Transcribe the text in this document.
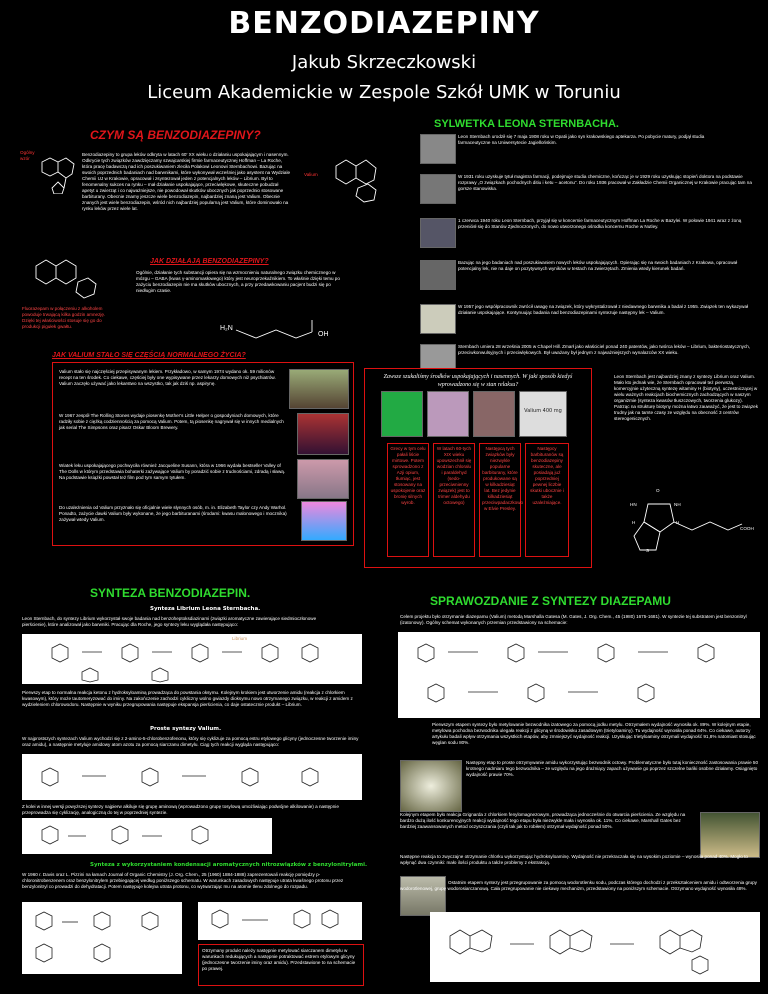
BENZODIAZEPINY
Jakub Skrzeczkowski
Liceum Akademickie w Zespole Szkół UMK w Toruniu
CZYM SĄ BENZODIAZEPINY?
Ogólny wzór
Benzodiazepiny to grupa leków odkryta w latach 60' XX wieku o działaniu uspokajającym i nasennym. Odkrycie tych związków zawdzięczamy szwajcarskiej firmie farmaceutycznej Hoffman – La Roche, która pracę badawczą nad ich poszukiwaniem zleciła Polakowi Leonowi Sternbachowi. Bazując na swoich poprzednich badaniach nad barwnikami, które wykonywał wcześniej jako asystent na Wydziale Chemii UJ w Krakowie, opracował i zsyntezował jeden z potencjalnych leków – Librium. Był to fenomenalny sukces na rynku – mał działanie uspokajające, przeciwlękowe, skuteczne pobudzał apetyt u zwierząt i co najważniejsze, nie powodował skutków ubocznych jak poprzednio stosowane barbiturany. Obecnie znamy jeszcze wiele benzodiazepin, najbardziej znaną jest Valium. Obecnie znanych jest wiele benzodiazepin, wśród nich najbardziej popularną jest Valium, które dominowało na rynku leków przez wiele lat.
Valium
JAK DZIAŁAJĄ BENZODIAZEPINY?
Ogólnie, działanie tych substancji opiera się na wzmocnieniu naturalnego związku chemicznego w mózgu – GABA (kwas γ-aminomasłowego) który jest neuroprzekaźnikiem. To właśnie dzięki temu po zażyciu benzodiazepin nie ma skutków ubocznych, a przy przedawkowaniu pacjent budzi się po niedługim czasie.
Fluorazepam w połączeniu z alkoholem powoduje trwającą kilka godzin amnezję. Dzięki tej właściwości stosuje się go do produkcji pigułek gwałtu.	H₂N
OH
JAK VALIUM STAŁO SIĘ CZĘŚCIĄ NORMALNEGO ŻYCIA?
Valium stało się najczęściej przepisywanym lekiem. Przykładowo, w samym 1974 wydano ok. 59 milionów recept na ten środek. Co ciekawe, częściej były one wypisywane przez lekarzy domowych niż psychiatrów. Valium zaczęło używać jako lekarstwo na wszystko, tak jak dziś np. aspirynę.
W 1967 zespół The Rolling Stones wydaje piosenkę Mother's Little Helper o gospodyniach domowych, które radziły sobie z ciężką codziennością za pomocą Valium. Potem, tą piosenkę nagrywał się w innych medialnych jak serial The Simpsons oraz pisarz Oskar Bloom Brewery.
Wiatek leku uspokajającego pochwyciła również Jacqueline Susann, która w 1966 wydała bestseller Valley of The Dolls w którym przedstawia bohaterki zażywające Valium by poradzić sobie z trudnościami, zdradą i sławą. Na podstawie książki powstał też film pod tym samym tytułem.
Do uzależnienia od Valium przyznało się oficjalnie wiele słynnych osób, m. in. Elizabeth Taylor czy Andy Warhol. Ponadto, zażycie dawki Valium były wykonane, że jego barbituranami (środami: kwasu malonowego i mocznika) zażywał wtedy Valium.
SYLWETKA LEONA STERNBACHA.
Leon Sternbach urodził się 7 maja 1908 roku w Opatii jako syn krakowskiego aptekarza. Po pobycie matury, podjął studia farmaceutyczne na Uniwersytecie Jagiellońskim.
W 1931 roku uzyskuje tytuł magistra farmacji, podejmuje studia chemiczne, kończąc je w 1929 roku uzyskując stopień doktora na podstawie rozprawy „O związkach pochodnych ditiu i ketu – acetonu”. Do roku 1936 pracował w Zakładzie Chemii Organicznej w Krakowie pracując tam na gorsze stanowiska.
1 czerwca 1940 roku Leon Sternbach, przyjął się w koncernie farmaceutycznym Hoffman La Roche w Bazylei. W połowie 1941 wraz z żoną przeniósł się do Stanów Zjednoczonych, do nowo utworzonego ośrodka koncernu Roche w Nutley.
Bazując na jego badaniach nad poszukiwaniem nowych leków uspokajających. Opierając się na swoich badaniach z Krakowa, opracował potencjalny lek, nie na daje on pozytywnych wyników w testach na zwierzętach. Zmienia wtedy kierunek badań.
W 1957 jego współpracownik zwrócił uwagę na związek, który wykrystalizował z niedawnego barwnika a badał z 1955. Związek ten wykazywał działanie uspokajające. Kontynuując badania nad benzodiazepinami syntezuje następny lek – Valium.
Sternbach umiera 28 września 2005 w Chapel Hill. Zmarł jako właściciel ponad 240 patentów, jako twórca leków – Librium, bakteriostatycznych, przeciwkonwulsyjnych i przeciwlękowych. Był uważany był jednym z najważniejszych wynalazców XX wieku.
Zawsze szukaliśmy środków uspokajających i nasennych. W jaki sposób kiedyś wprowadzono się w stan relaksu?
Valium 400 mg
Grecy w tym celu pałali liście mirtowe. Potem sprowadzono z Azji opium, tłumiąc, jest stosowany na uspokojenie oraz bronię silnych wyrob.
W latach 60-tych XIX wieku upowszechnił się wodzian chloralu i paraldehyd (sedo-przeciwnienny związek) jest to trimer aldehydu octowego)
Następcą tych związków były niezwykle popularne barbiturany, które produkowane są w kilkadziesiąt lat. Bez jedynie kilkadziesiąt przeciwpadaczkowo w Elvie Presley.
Następcy barbituranów są benzodiazepiny skuteczne, ale posiadają już poprzedniej pewnej liczbie skutki ubocznie i także uzależniające.
Leon Sternbach jest najbardziej znany z syntezy Librium oraz Valium. Mało kto jednak wie, że Sternbach opracował też pierwszą, komercyjnie użyteczną syntezę witaminy H (biotyny), uczestniczącej w wielu ważnych reakcjach biochemicznych zachodzących w naszym organizmie (synteza kwasów tłuszczowych, tworzenia glukozy). Patrząc na strukturę biotyny można łatwo zauważyć, że jest to związek trudny jak na tamte czasy ze względu na obecność 3 centrów stereogenicznych.
O
HN	NH
H	H
S
COOH
SYNTEZA BENZODIAZEPIN.
Synteza Librium Leona Sternbacha.
Leon Sternbach, do syntezy Librium wykorzystał swoje badania nad benzoheptoksdiazinami (związki aromatyczne zawierające siedmioczłonowe pierścienie), które analizował jako barwniki. Pracując dla Roche, jego syntezy leku wyglądała następująco:
Librium
Pierwszy etap to normalna reakcja ketonu z hydroksyloaminą prowadząca do powstania oksymu. Kolejnym krokiem jest utworzenie amidu (reakcja z chlorkiem kwasowym), który może tautomeryzować do iminy. Na zakończenie zachodzi cykliczny wolno gwiazdy dioksymu nowo otrzymanego związku, w reakcji z amidem z wydzieleniem chlorowodoru. Następnie w wyniku przegrupowania następuje ekspansja pierścienia, co daje ostatecznie produkt – Librium.
Proste syntezy Valium.
W najprostszych syntezach Valium wychodzi się z 2-amino-5-chlorobenzofenonu, który się cyklizuje za pomocą estru etylowego glicyny (jednoczesne tworzenie iminy oraz amidu), a następnie metyluje amidowy atom azotu za pomocą siarczanu dimetylu. Ciąg tych reakcji wygląda następująco:
Z kolei w innej wersji powyższej syntezy najpierw alkiluje się grupę aminową (wprowadzono grupę tosylową umożliwiając podwójne alkilowanie) a następnie przeprowadza się cyklizację, analogiczną do tej w poprzedniej syntezie.
Synteza z wykorzystaniem kondensacji aromatycznych nitrozwiązków z benzylonitrylami.
W 1960 r. Davis oraz L. Pizzini na łamach Journal of Organic Chemistry (J. Org. Chem., 25 (1960) 1884-1888) zaprezentowali reakcję pomiędzy p-chloronitrobenzenem oraz benzylonitrylem przebiegającej według poniższego schematu. W warunkach zasadowych następuje utrata kwaśnego protonu przez benzylonitryl co prowadzi do dehydratacji. Potem następuje kolejna utrata protonu, co wytwarzając mu na atomie tlenu zdolnego do rozpadu.
Otrzymany produkt należy następnie metylować siarczanem dimetylu w warunkach redukujących a następnie potraktować estrem etylowym glicyny (jednoczesne tworzenie iminy oraz amidu). Przedstawione to na schemacie po prawej.
SPRAWOZDANIE Z SYNTEZY DIAZEPAMU
Celem projektu było otrzymanie diazepamu (Valium) metodą Marshalla Gatesa (M. Gates, J. Org. Chem., 45 (1980) 1675-1681). W syntezie tej substratem jest benzonitryl (izatonowy). Ogólny schemat wykonanych przemian przedstawiony na schemacie:
Pierwszym etapem syntezy było metylowanie bezwodnika izatowego za pomocą jodku metylu. Otrzymałem wydajność wynosiła ok. 89%. W kolejnym etapie, metylowa pochodna bezwodnika ulegała reakcji z glicyną w środowisku zasadowym (trietyloaminy). Tu wydajność wynosiła ponad 64%. Co ciekawe, autorzy artykułu badali wpływ otrzymania wszystkich etapów, aby zmniejszyć wydajność reakcji. Uzyskując trietyloaminy otrzymali wydajność 91,8% natomiast stosując węglan sodu 80%.
Następny etap to proste otrzymywanie amidu wykorzystując bezwodnik octowy. Problematyczne było tutaj konieczność zastosowania prawie 50 krotnego nadmiaru tego bezwodnika – ze względu na jego drażniący zapach używanie go poprzez szczelne bańki osobne działamy. Osiągnięto wydajność prawie 70%.
Kolejnym etapem było reakcja Grignarda z chlorkiem fenylomagnezowym, prowadząca jednocześnie do otwarcia pierścienia. Ze względu na bardzo dużą ilość konkurencyjnych reakcji wydajność tego etapu była niezwykle mała i wynosiła ok. 11%. Co ciekawe, Marshall Gates bez bardziej zaawansowanych metod oczyszczania (czyli tak jak to robiłem) otrzymał wydajność ponad 50%.
Następne reakcja to zwyczajne otrzymanie chlorku wykorzystując hydroksyloaminę. Wydajność nie przekraczała się na wysokim poziomie – wynosiła ponad 40%. Mogło to wpłynąć dwa czynniki: mało ilości produktu a także problemy z ekstrakcją.
Ostatnim etapem syntezy jest przegrupowanie za pomocą wodorotlenku sodu, podczas którego dochodzi z przekształceniem amidu i odtworzenia grupy wodorotlenowej, grupę wodorosiarczanową. Cała przegrupowanie nie ciekawy mechanizm, przedstawiony na poniższym schemacie. Otrzymano wydajność wynosiła 48%.
